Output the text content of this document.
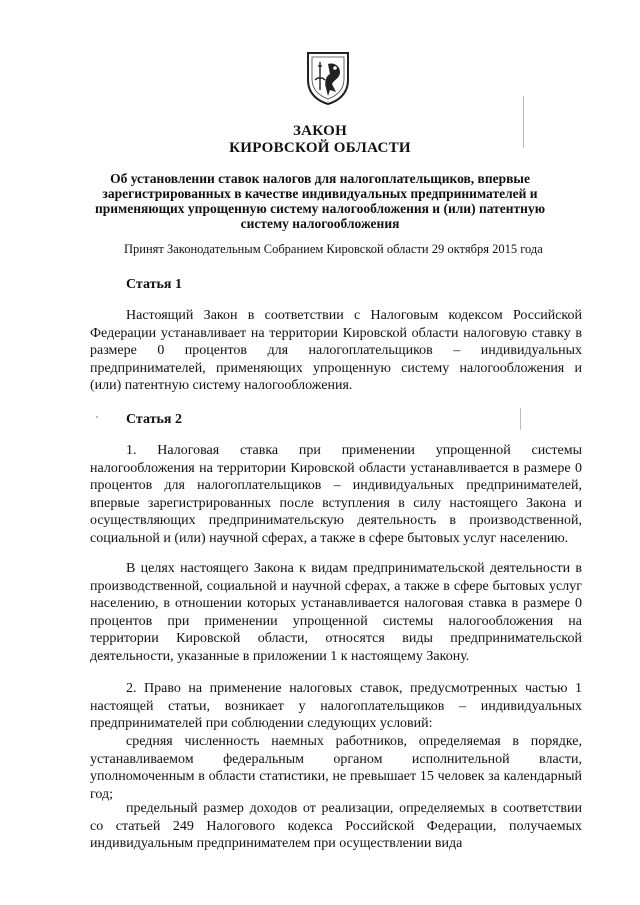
ЗАКОН
КИРОВСКОЙ ОБЛАСТИ
Об установлении ставок налогов для налогоплательщиков, впервые зарегистрированных в качестве индивидуальных предпринимателей и применяющих упрощенную систему налогообложения и (или) патентную систему налогообложения
Принят Законодательным Собранием Кировской области 29 октября 2015 года
Статья 1

Настоящий Закон в соответствии с Налоговым кодексом Российской Федерации устанавливает на территории Кировской области налоговую ставку в размере 0 процентов для налогоплательщиков – индивидуальных предпринимателей, применяющих упрощенную систему налогообложения и (или) патентную систему налогообложения.

Статья 2

1. Налоговая ставка при применении упрощенной системы налогообложения на территории Кировской области устанавливается в размере 0 процентов для налогоплательщиков – индивидуальных предпринимателей, впервые зарегистрированных после вступления в силу настоящего Закона и осуществляющих предпринимательскую деятельность в производственной, социальной и (или) научной сферах, а также в сфере бытовых услуг населению.

В целях настоящего Закона к видам предпринимательской деятельности в производственной, социальной и научной сферах, а также в сфере бытовых услуг населению, в отношении которых устанавливается налоговая ставка в размере 0 процентов при применении упрощенной системы налогообложения на территории Кировской области, относятся виды предпринимательской деятельности, указанные в приложении 1 к настоящему Закону.

2. Право на применение налоговых ставок, предусмотренных частью 1 настоящей статьи, возникает у налогоплательщиков – индивидуальных предпринимателей при соблюдении следующих условий:

средняя численность наемных работников, определяемая в порядке, устанавливаемом федеральным органом исполнительной власти, уполномоченным в области статистики, не превышает 15 человек за календарный год;

предельный размер доходов от реализации, определяемых в соответствии со статьей 249 Налогового кодекса Российской Федерации, получаемых индивидуальным предпринимателем при осуществлении вида
